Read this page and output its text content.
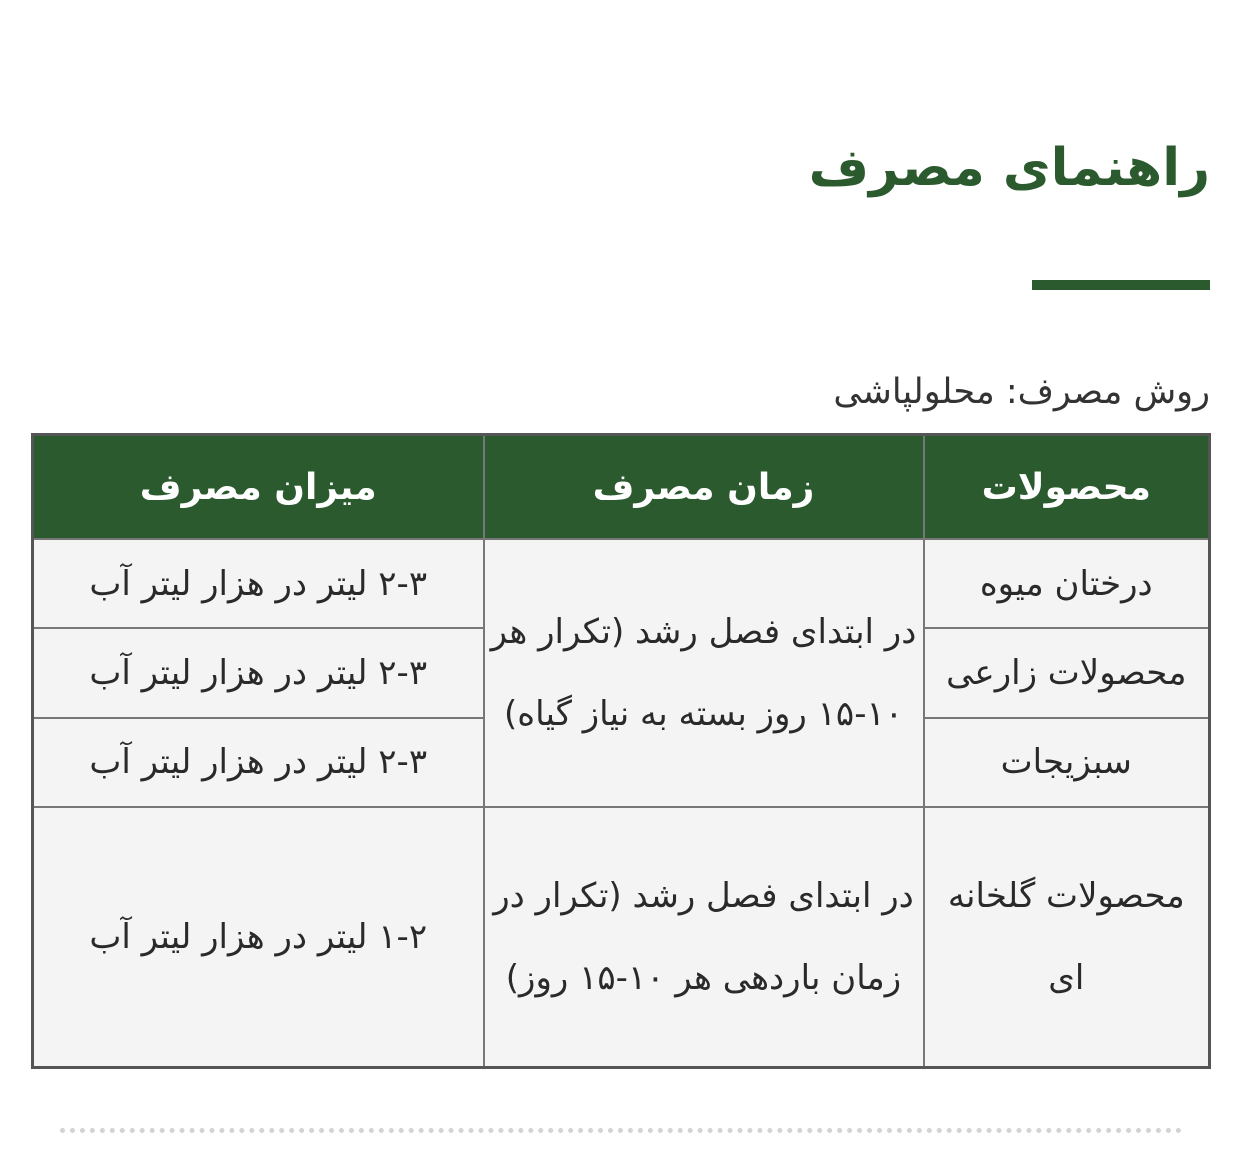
راهنمای مصرف
روش مصرف: محلولپاشی
محصولات	زمان مصرف	میزان مصرف
درختان میوه	در ابتدای فصل رشد (تکرار هر ۱۰-۱۵ روز بسته به نیاز گیاه)	۲-۳ لیتر در هزار لیتر آب
محصولات زارعی		۲-۳ لیتر در هزار لیتر آب
سبزیجات		۲-۳ لیتر در هزار لیتر آب
محصولات گلخانه ای	در ابتدای فصل رشد (تکرار در زمان باردهی هر ۱۰-۱۵ روز)	۱-۲ لیتر در هزار لیتر آب
